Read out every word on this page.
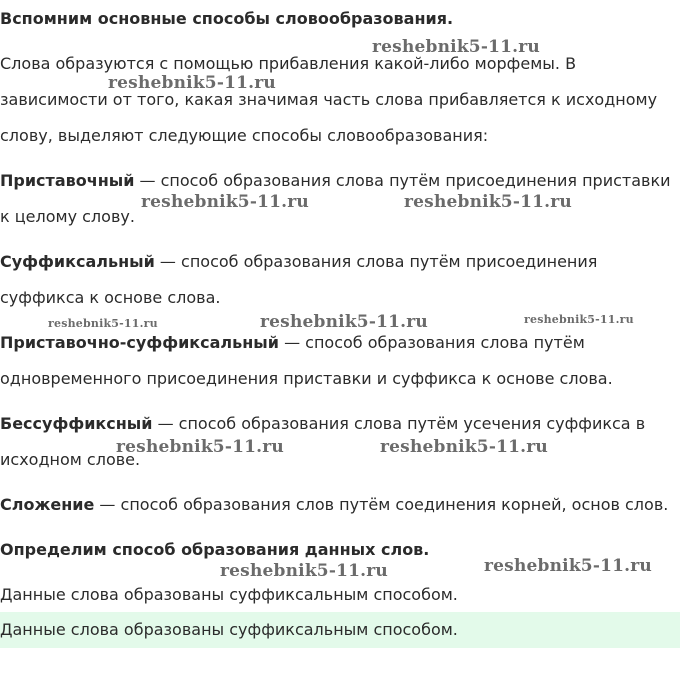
Вспомним основные способы словообразования.
Слова образуются с помощью прибавления какой-либо морфемы. В
зависимости от того, какая значимая часть слова прибавляется к исходному
слову, выделяют следующие способы словообразования:
Приставочный — способ образования слова путём присоединения приставки
к целому слову.
Суффиксальный — способ образования слова путём присоединения
суффикса к основе слова.
Приставочно-суффиксальный — способ образования слова путём
одновременного присоединения приставки и суффикса к основе слова.
Бессуффиксный — способ образования слова путём усечения суффикса в
исходном слове.
Сложение — способ образования слов путём соединения корней, основ слов.
Определим способ образования данных слов.
Данные слова образованы суффиксальным способом.
Данные слова образованы суффиксальным способом.
reshebnik5-11.ru
reshebnik5-11.ru
reshebnik5-11.ru	reshebnik5-11.ru
reshebnik5-11.ru	reshebnik5-11.ru	reshebnik5-11.ru
reshebnik5-11.ru	reshebnik5-11.ru
reshebnik5-11.ru	reshebnik5-11.ru
